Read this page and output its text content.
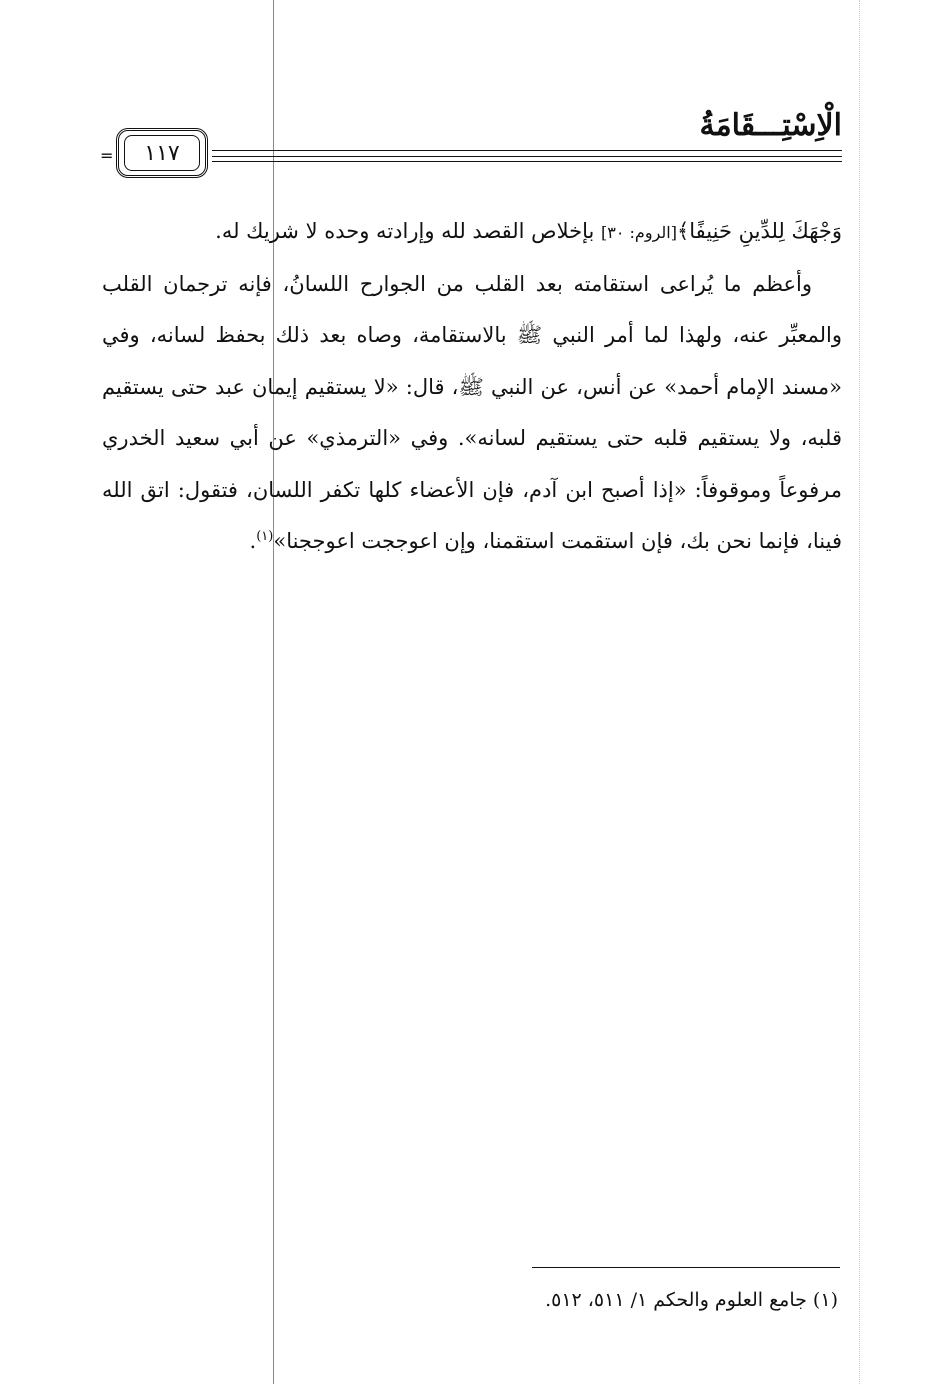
الْاِسْتِـــقَامَةُ
١١٧
=

وَجْهَكَ لِلدِّينِ حَنِيفًا﴾[الروم: ٣٠] بإخلاص القصد لله وإرادته وحده لا شريك له.

وأعظم ما يُراعى استقامته بعد القلب من الجوارح اللسانُ، فإنه ترجمان القلب والمعبِّر عنه، ولهذا لما أمر النبي ﷺ بالاستقامة، وصاه بعد ذلك بحفظ لسانه، وفي «مسند الإمام أحمد» عن أنس، عن النبي ﷺ، قال: «لا يستقيم إيمان عبد حتى يستقيم قلبه، ولا يستقيم قلبه حتى يستقيم لسانه». وفي «الترمذي» عن أبي سعيد الخدري مرفوعاً وموقوفاً: «إذا أصبح ابن آدم، فإن الأعضاء كلها تكفر اللسان، فتقول: اتق الله فينا، فإنما نحن بك، فإن استقمت استقمنا، وإن اعوججت اعوججنا»$^{(١)}$.

(١) جامع العلوم والحكم ١/ ٥١١، ٥١٢.
